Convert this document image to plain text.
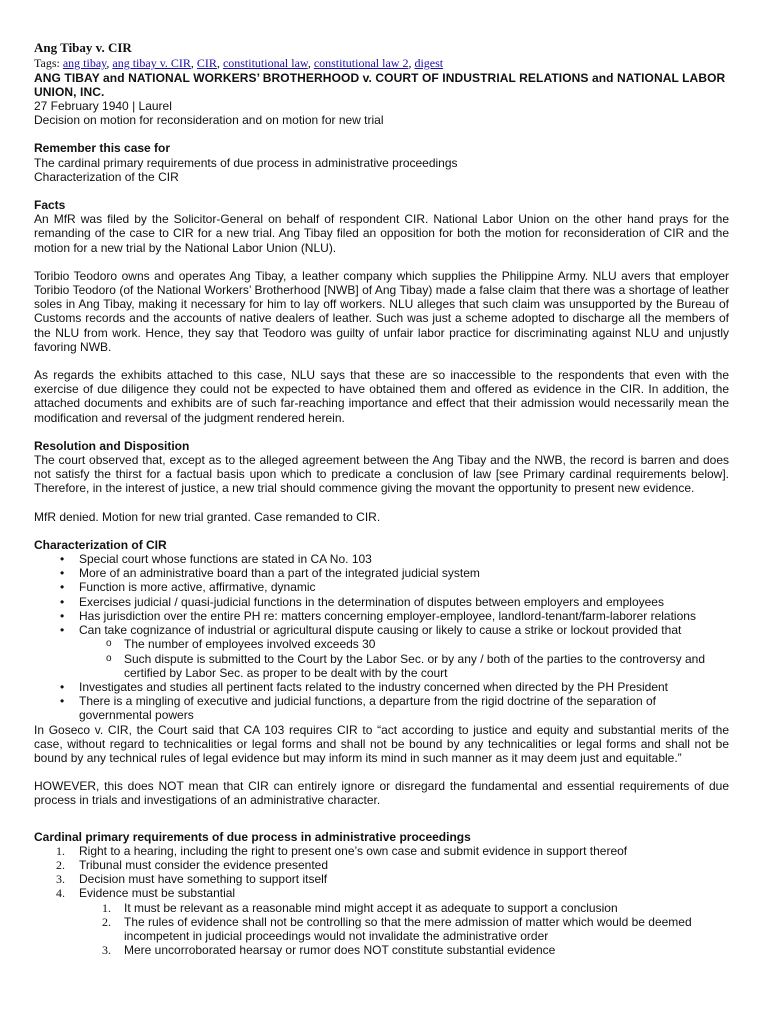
Ang Tibay v. CIR
Tags: ang tibay, ang tibay v. CIR, CIR, constitutional law, constitutional law 2, digest
ANG TIBAY and NATIONAL WORKERS’ BROTHERHOOD v. COURT OF INDUSTRIAL RELATIONS and NATIONAL LABOR UNION, INC.

27 February 1940 | Laurel

Decision on motion for reconsideration and on motion for new trial

Remember this case for

The cardinal primary requirements of due process in administrative proceedings

Characterization of the CIR

Facts

An MfR was filed by the Solicitor-General on behalf of respondent CIR. National Labor Union on the other hand prays for the remanding of the case to CIR for a new trial. Ang Tibay filed an opposition for both the motion for reconsideration of CIR and the motion for a new trial by the National Labor Union (NLU).

Toribio Teodoro owns and operates Ang Tibay, a leather company which supplies the Philippine Army. NLU avers that employer Toribio Teodoro (of the National Workers’ Brotherhood [NWB] of Ang Tibay) made a false claim that there was a shortage of leather soles in Ang Tibay, making it necessary for him to lay off workers. NLU alleges that such claim was unsupported by the Bureau of Customs records and the accounts of native dealers of leather. Such was just a scheme adopted to discharge all the members of the NLU from work. Hence, they say that Teodoro was guilty of unfair labor practice for discriminating against NLU and unjustly favoring NWB.

As regards the exhibits attached to this case, NLU says that these are so inaccessible to the respondents that even with the exercise of due diligence they could not be expected to have obtained them and offered as evidence in the CIR. In addition, the attached documents and exhibits are of such far-reaching importance and effect that their admission would necessarily mean the modification and reversal of the judgment rendered herein.

Resolution and Disposition

The court observed that, except as to the alleged agreement between the Ang Tibay and the NWB, the record is barren and does not satisfy the thirst for a factual basis upon which to predicate a conclusion of law [see Primary cardinal requirements below]. Therefore, in the interest of justice, a new trial should commence giving the movant the opportunity to present new evidence.

MfR denied. Motion for new trial granted. Case remanded to CIR.

Characterization of CIR
• Special court whose functions are stated in CA No. 103
• More of an administrative board than a part of the integrated judicial system
• Function is more active, affirmative, dynamic
• Exercises judicial / quasi-judicial functions in the determination of disputes between employers and employees
• Has jurisdiction over the entire PH re: matters concerning employer-employee, landlord-tenant/farm-laborer relations
• Can take cognizance of industrial or agricultural dispute causing or likely to cause a strike or lockout provided that
o The number of employees involved exceeds 30
o Such dispute is submitted to the Court by the Labor Sec. or by any / both of the parties to the controversy and certified by Labor Sec. as proper to be dealt with by the court
• Investigates and studies all pertinent facts related to the industry concerned when directed by the PH President
• There is a mingling of executive and judicial functions, a departure from the rigid doctrine of the separation of governmental powers

In Goseco v. CIR, the Court said that CA 103 requires CIR to “act according to justice and equity and substantial merits of the case, without regard to technicalities or legal forms and shall not be bound by any technicalities or legal forms and shall not be bound by any technical rules of legal evidence but may inform its mind in such manner as it may deem just and equitable.”

HOWEVER, this does NOT mean that CIR can entirely ignore or disregard the fundamental and essential requirements of due process in trials and investigations of an administrative character.

Cardinal primary requirements of due process in administrative proceedings
1. Right to a hearing, including the right to present one’s own case and submit evidence in support thereof
2. Tribunal must consider the evidence presented
3. Decision must have something to support itself
4. Evidence must be substantial
1. It must be relevant as a reasonable mind might accept it as adequate to support a conclusion
2. The rules of evidence shall not be controlling so that the mere admission of matter which would be deemed incompetent in judicial proceedings would not invalidate the administrative order
3. Mere uncorroborated hearsay or rumor does NOT constitute substantial evidence
